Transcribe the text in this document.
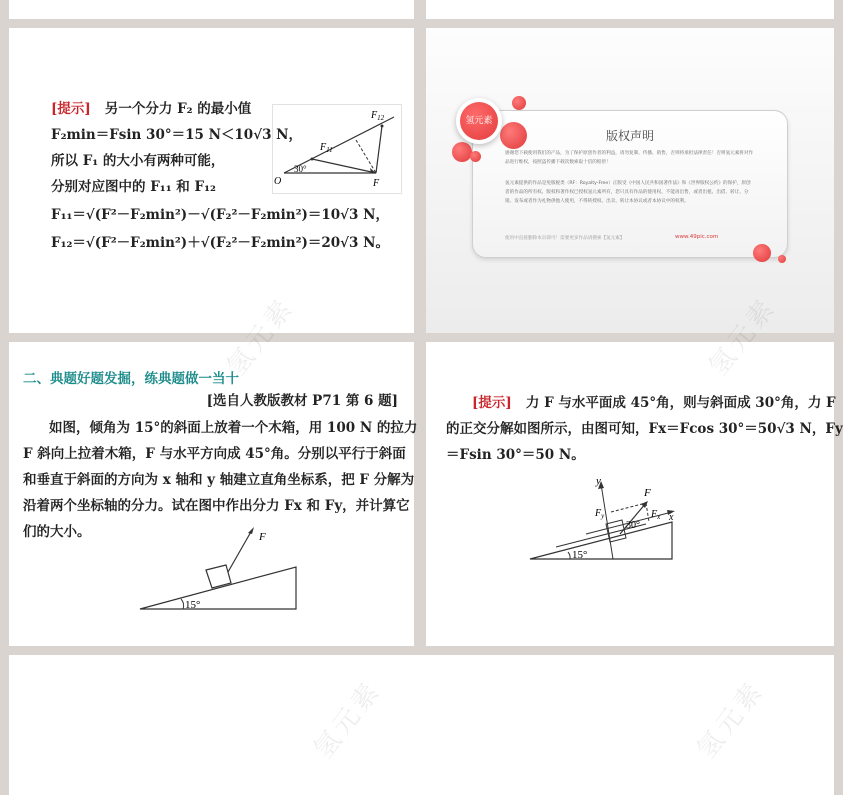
[提示] 另一个分力 F₂ 的最小值
F₂min＝Fsin 30°＝15 N＜10√3 N，
所以 F₁ 的大小有两种可能，
分别对应图中的 F₁₁ 和 F₁₂
F₁₁＝√(F²－F₂min²)－√(F₂²－F₂min²)＝10√3 N，
F₁₂＝√(F²－F₂min²)＋√(F₂²－F₂min²)＝20√3 N。
$F_{12}$
$F_{11}$
30°
O	F
版权声明
感谢您下载使用我们的产品，为了保护原创作者的利益，请勿复制、传播、销售，否则将承担法律责任！否则氢元素将对作品进行维权，按照盗传播下载次数索取十倍的赔偿！
氢元素提供的作品是免版税类（RF：Royalty-Free）正版受《中国人民共和国著作法》和《世界版权公约》的保护，原创者的作品的所有权、版权和著作权已授权氢元素所有，您只具有作品的使用权，不能再出售，或者出租、出借、转让、分销、发布或者作为礼物供他人使用，不得转授权、出卖、转让本协议或者本协议中的权利。
使用中直接删除本页即可！需要更多作品请搜索【氢元素】	www.49pic.com
氢元素
氢元素
二、典题好题发掘，练典题做一当十
[选自人教版教材 P71 第 6 题]
如图，倾角为 15°的斜面上放着一个木箱，用 100 N 的拉力
F 斜向上拉着木箱，F 与水平方向成 45°角。分别以平行于斜面
和垂直于斜面的方向为 x 轴和 y 轴建立直角坐标系，把 F 分解为
沿着两个坐标轴的分力。试在图中作出分力 Fx 和 Fy，并计算它
们的大小。	F
15°
氢元素
[提示] 力 F 与水平面成 45°角，则与斜面成 30°角，力 F
的正交分解如图所示，由图可知，Fx＝Fcos 30°＝50√3 N，Fy
＝Fsin 30°＝50 N。
y
F
$F_y$
30°
$F_x$ x
15°
氢元素	氢元素
